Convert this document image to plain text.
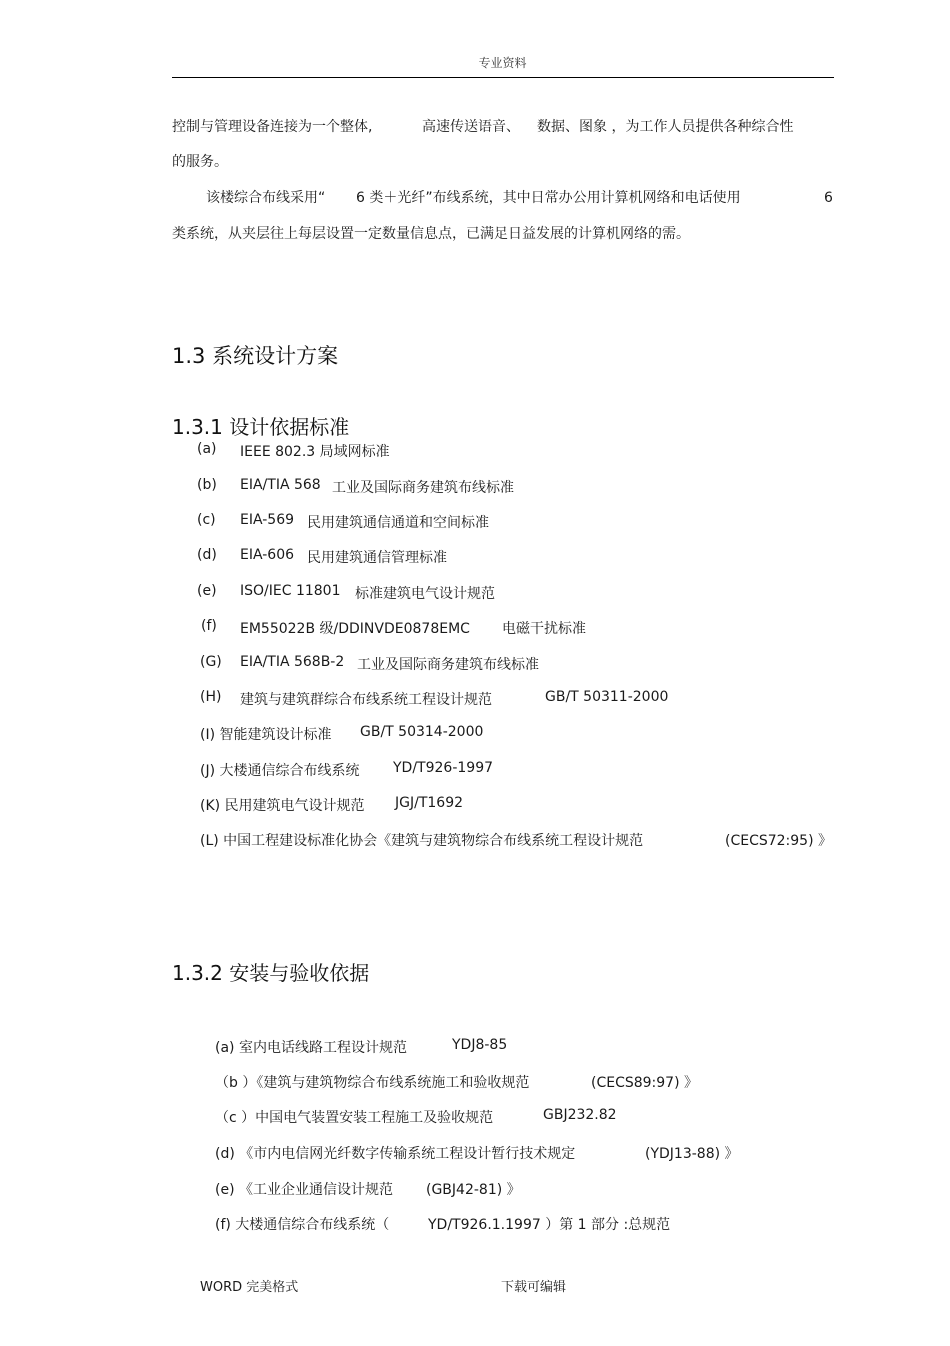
专业资料
控制与管理设备连接为一个整体,	高速传送语音、 数据、图象 ，为工作人员提供各种综合性
的服务。
该楼综合布线采用“ 6 类＋光纤”布线系统，其中日常办公用计算机网络和电话使用	6
类系统，从夹层往上每层设置一定数量信息点，已满足日益发展的计算机网络的需。
1.3 系统设计方案
1.3.1 设计依据标准
(a) IEEE 802.3 局域网标准
(b) EIA/TIA 568 工业及国际商务建筑布线标准
(c) EIA-569 民用建筑通信通道和空间标准
(d) EIA-606 民用建筑通信管理标准
(e) ISO/IEC 11801 标准建筑电气设计规范
(f) EM55022B 级/DDINVDE0878EMC 电磁干扰标准
(G) EIA/TIA 568B-2 工业及国际商务建筑布线标准
(H) 建筑与建筑群综合布线系统工程设计规范	GB/T 50311-2000
(I) 智能建筑设计标准 GB/T 50314-2000
(J) 大楼通信综合布线系统 YD/T926-1997
(K) 民用建筑电气设计规范 JGJ/T1692
(L) 中国工程建设标准化协会《建筑与建筑物综合布线系统工程设计规范	(CECS72:95) 》
1.3.2 安装与验收依据
(a) 室内电话线路工程设计规范	YDJ8-85
（b ）《建筑与建筑物综合布线系统施工和验收规范	(CECS89:97) 》
（c ）中国电气装置安装工程施工及验收规范	GBJ232.82
(d) 《市内电信网光纤数字传输系统工程设计暂行技术规定	(YDJ13-88) 》
(e) 《工业企业通信设计规范 (GBJ42-81) 》
(f) 大楼通信综合布线系统（	YD/T926.1.1997 ）第 1 部分 :总规范
WORD 完美格式	下载可编辑
